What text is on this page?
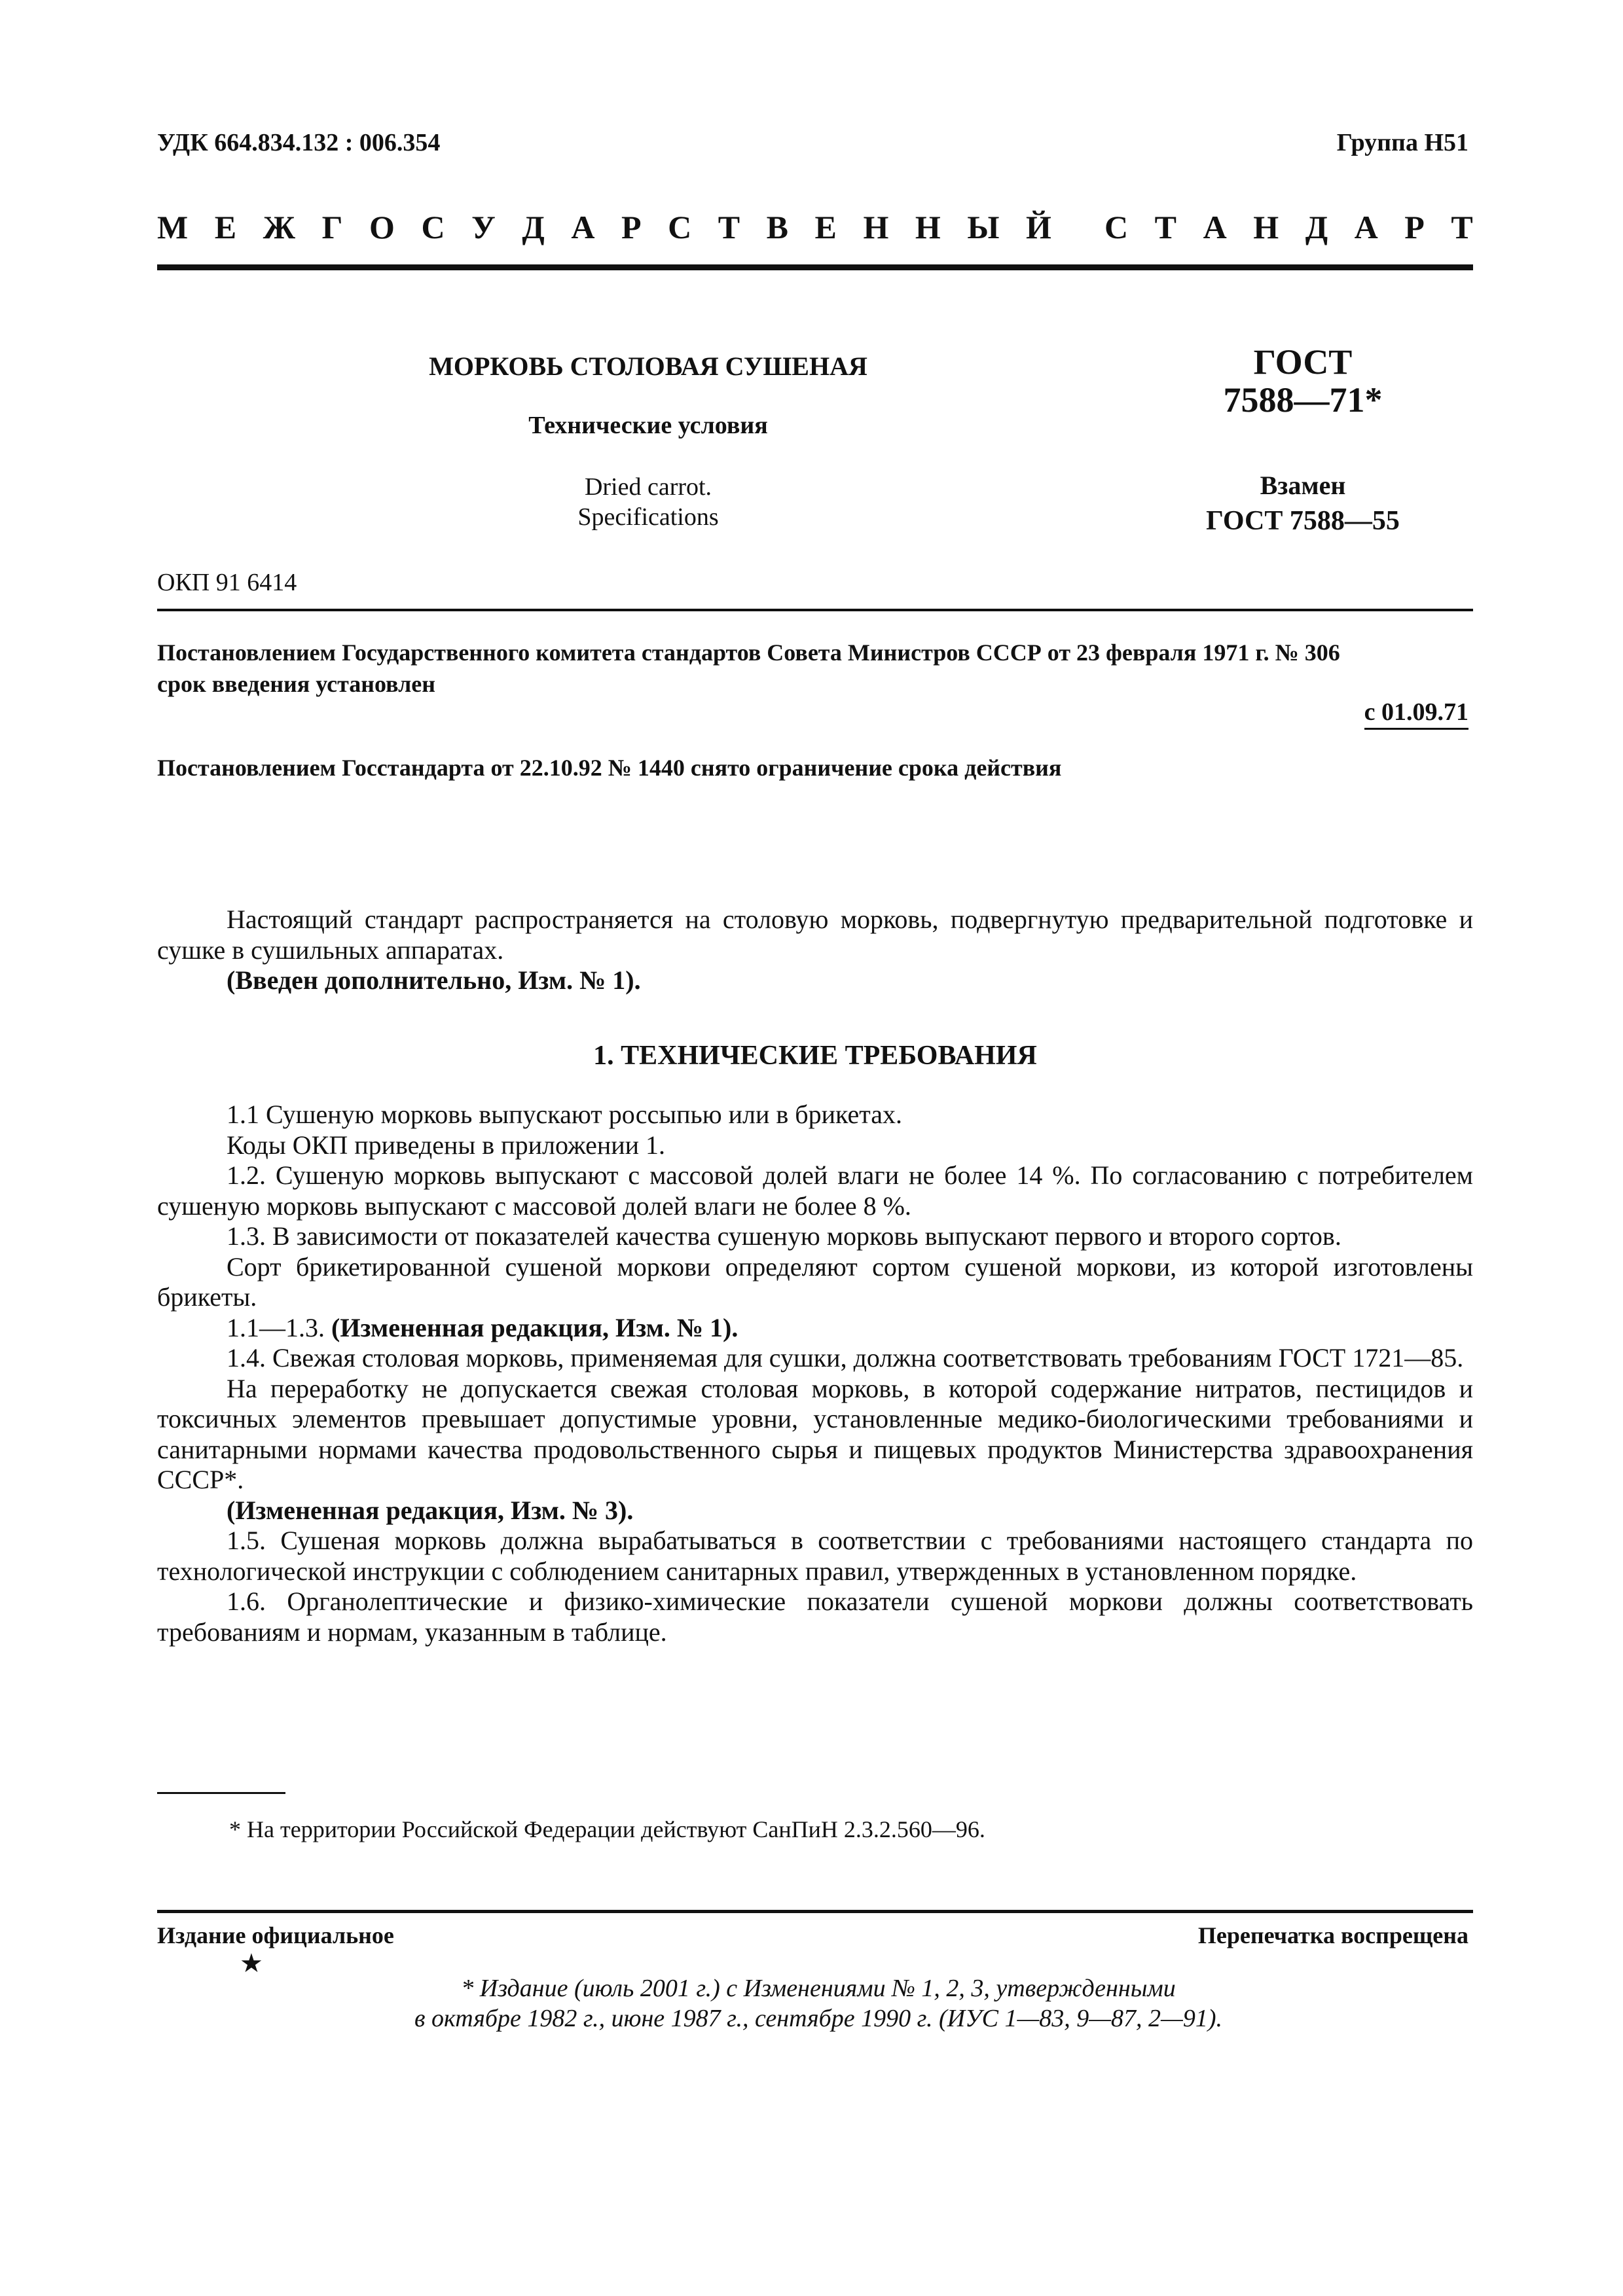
УДК 664.834.132 : 006.354	Группа Н51
М Е Ж Г О С У Д А Р С Т В Е Н Н Ы Й С Т А Н Д А Р Т
МОРКОВЬ СТОЛОВАЯ СУШЕНАЯ
Технические условия
Dried carrot.
Specifications
ГОСТ
7588—71*
Взамен
ГОСТ 7588—55
ОКП 91 6414
Постановлением Государственного комитета стандартов Совета Министров СССР от 23 февраля 1971 г. № 306
срок введения установлен
с 01.09.71
Постановлением Госстандарта от 22.10.92 № 1440 снято ограничение срока действия

Настоящий стандарт распространяется на столовую морковь, подвергнутую предварительной подготовке и сушке в сушильных аппаратах.

(Введен дополнительно, Изм. № 1).

1. ТЕХНИЧЕСКИЕ ТРЕБОВАНИЯ

1.1 Сушеную морковь выпускают россыпью или в брикетах.

Коды ОКП приведены в приложении 1.

1.2. Сушеную морковь выпускают с массовой долей влаги не более 14 %. По согласованию с потребителем сушеную морковь выпускают с массовой долей влаги не более 8 %.

1.3. В зависимости от показателей качества сушеную морковь выпускают первого и второго сортов.

Сорт брикетированной сушеной моркови определяют сортом сушеной моркови, из которой изготовлены брикеты.

1.1—1.3. (Измененная редакция, Изм. № 1).

1.4. Свежая столовая морковь, применяемая для сушки, должна соответствовать требованиям ГОСТ 1721—85.

На переработку не допускается свежая столовая морковь, в которой содержание нитратов, пестицидов и токсичных элементов превышает допустимые уровни, установленные медико-биологическими требованиями и санитарными нормами качества продовольственного сырья и пищевых продуктов Министерства здравоохранения СССР*.

(Измененная редакция, Изм. № 3).

1.5. Сушеная морковь должна вырабатываться в соответствии с требованиями настоящего стандарта по технологической инструкции с соблюдением санитарных правил, утвержденных в установленном порядке.

1.6. Органолептические и физико-химические показатели сушеной моркови должны соответствовать требованиям и нормам, указанным в таблице.

* На территории Российской Федерации действуют СанПиН 2.3.2.560—96.
Издание официальное	Перепечатка воспрещена
★
* Издание (июль 2001 г.) с Изменениями № 1, 2, 3, утвержденными
в октябре 1982 г., июне 1987 г., сентябре 1990 г. (ИУС 1—83, 9—87, 2—91).
